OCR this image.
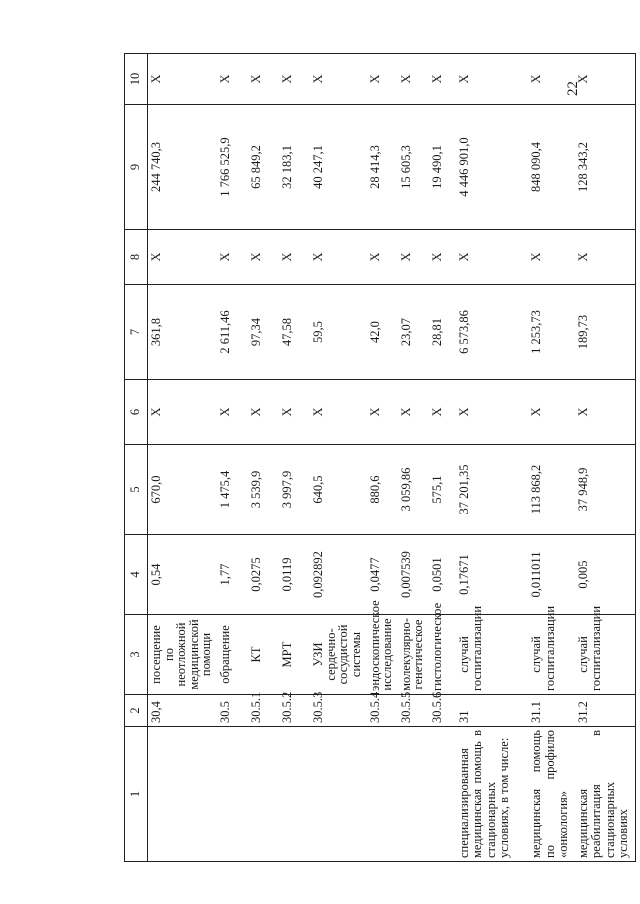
22
1	2	3	4	5	6	7	8	9	10
	30,4	посещение по неотложной медицинской помощи	0,54	670,0	X	361,8	X	244 740,3	X
	30.5	обращение	1,77	1 475,4	X	2 611,46	X	1 766 525,9	X
	30.5.1	КТ	0,0275	3 539,9	X	97,34	X	65 849,2	X
	30.5.2	МРТ	0,0119	3 997,9	X	47,58	X	32 183,1	X
	30.5.3	УЗИ сердечно-сосудистой системы	0,092892	640,5	X	59,5	X	40 247,1	X
	30.5.4	эндоскопическое исследование	0,0477	880,6	X	42,0	X	28 414,3	X
	30.5.5	молекулярно-генетическое	0,007539	3 059,86	X	23,07	X	15 605,3	X
	30.5.6	гистологическое	0,0501	575,1	X	28,81	X	19 490,1	X
специализированная медицинская помощь в стационарных условиях, в том числе:	31	случай госпитализации	0,17671	37 201,35	X	6 573,86	X	4 446 901,0	X
медицинская помощь по профилю «онкология»	31.1	случай госпитализации	0,011011	113 868,2	X	1 253,73	X	848 090,4	X
медицинская реабилитация в стационарных условиях	31.2	случай госпитализации	0,005	37 948,9	X	189,73	X	128 343,2	X
